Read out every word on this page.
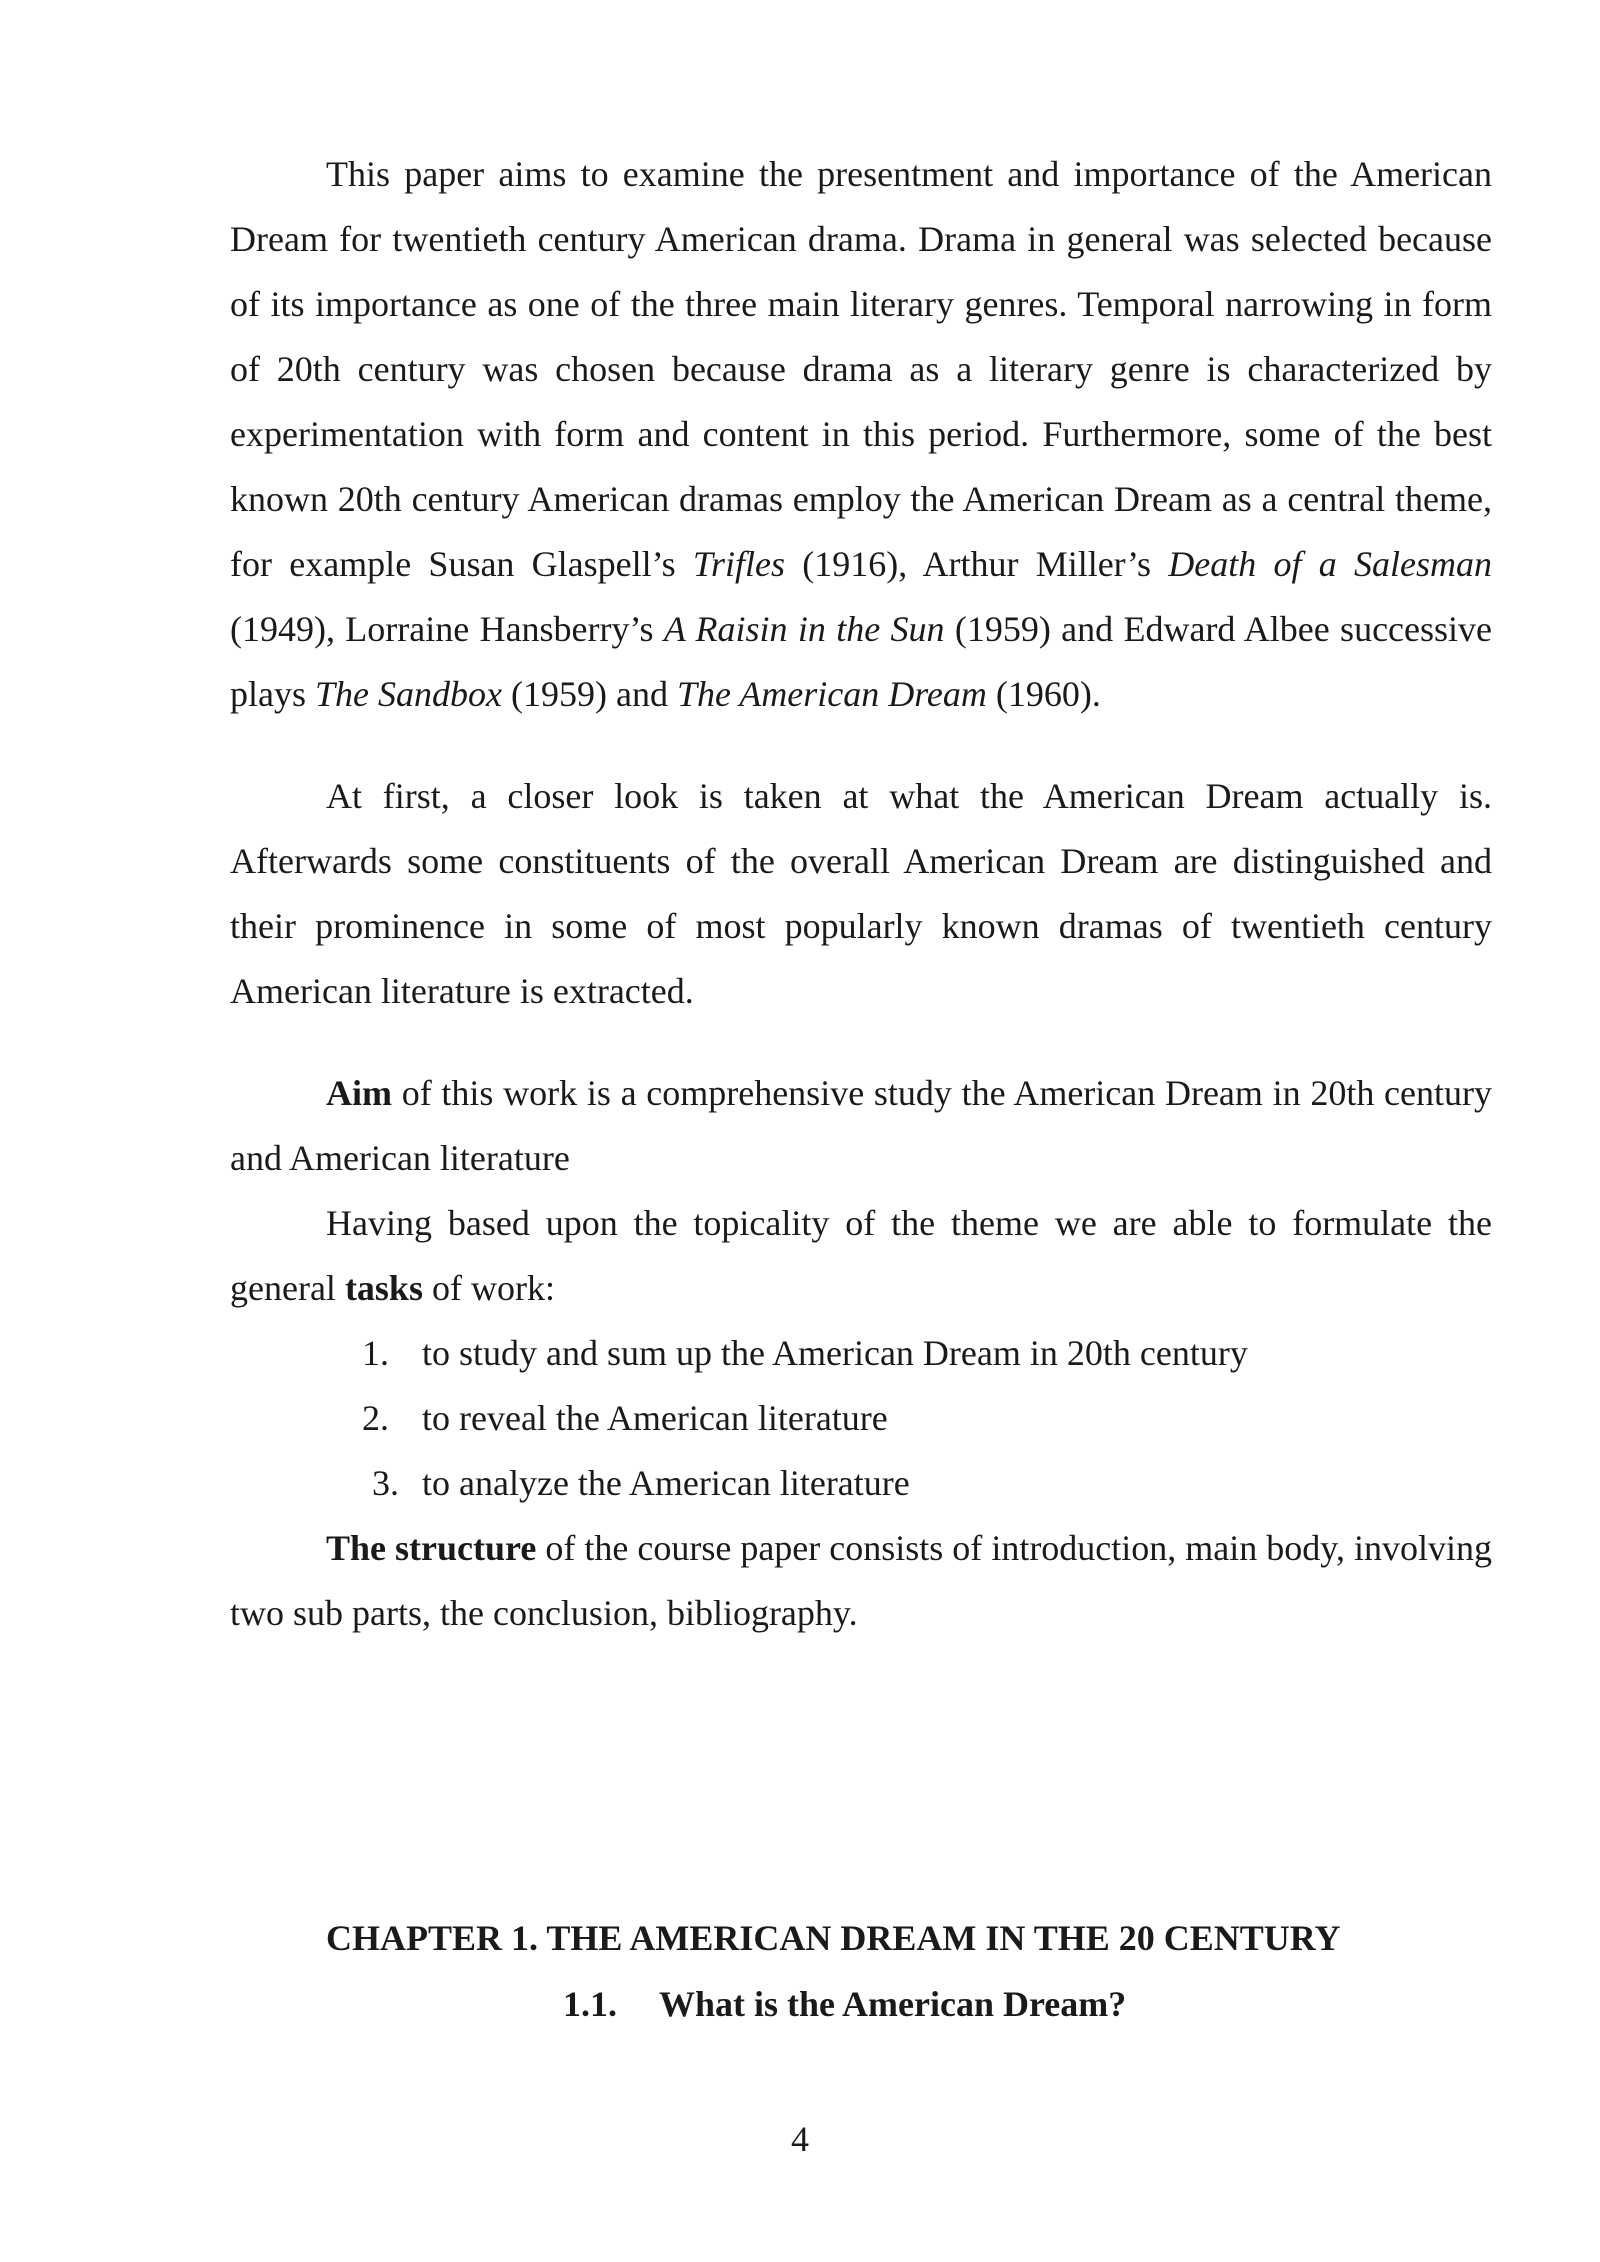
This paper aims to examine the presentment and importance of the American Dream for twentieth century American drama. Drama in general was selected because of its importance as one of the three main literary genres. Temporal narrowing in form of 20th century was chosen because drama as a literary genre is characterized by experimentation with form and content in this period. Furthermore, some of the best known 20th century American dramas employ the American Dream as a central theme, for example Susan Glaspell’s Trifles (1916), Arthur Miller’s Death of a Salesman (1949), Lorraine Hansberry’s A Raisin in the Sun (1959) and Edward Albee successive plays The Sandbox (1959) and The American Dream (1960).

At first, a closer look is taken at what the American Dream actually is. Afterwards some constituents of the overall American Dream are distinguished and their prominence in some of most popularly known dramas of twentieth century American literature is extracted.

Aim of this work is a comprehensive study the American Dream in 20th century and American literature

Having based upon the topicality of the theme we are able to formulate the general tasks of work:

1. to study and sum up the American Dream in 20th century
2. to reveal the American literature
3. to analyze the American literature

The structure of the course paper consists of introduction, main body, involving two sub parts, the conclusion, bibliography.

CHAPTER 1. THE AMERICAN DREAM IN THE 20 CENTURY
1.1. What is the American Dream?
4
